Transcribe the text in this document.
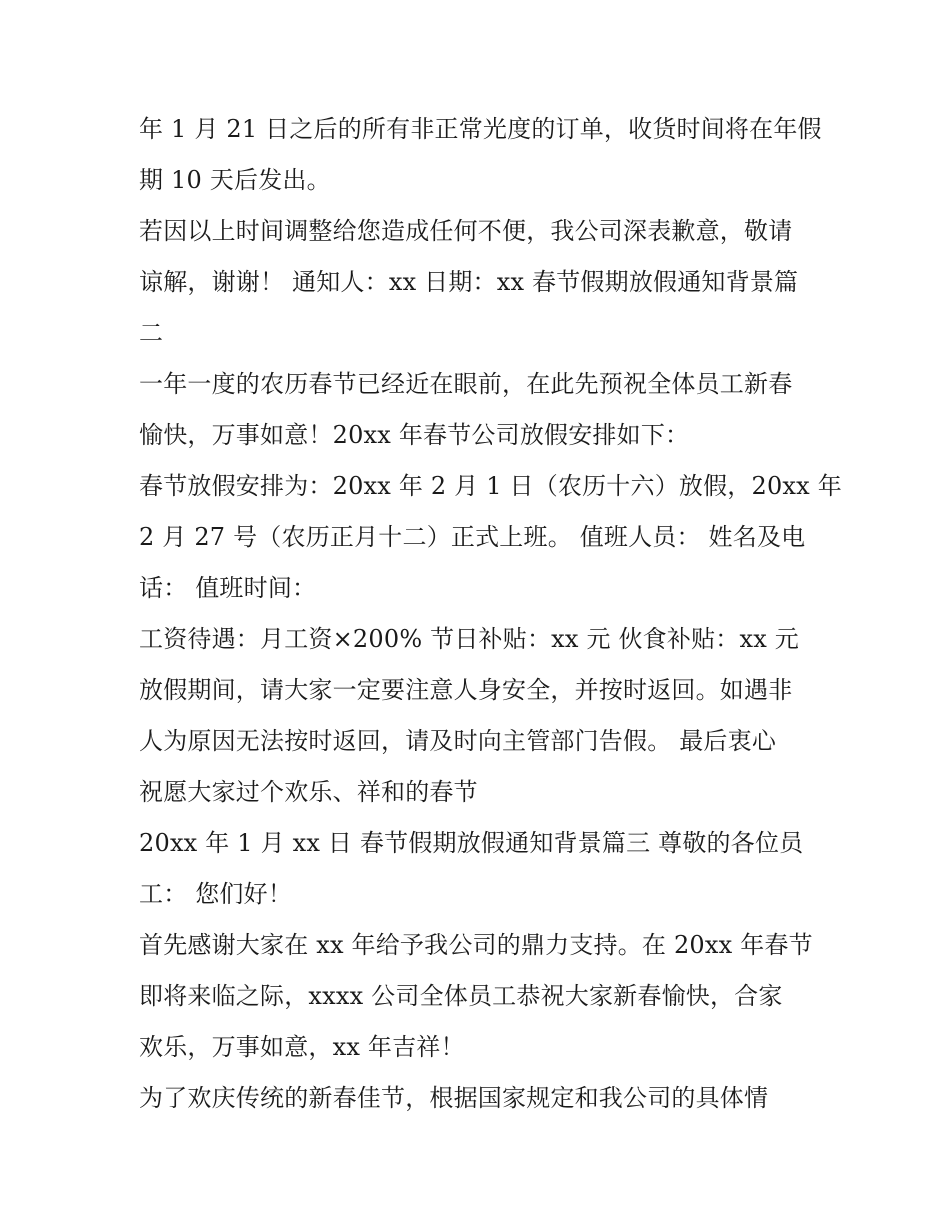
年 1 月 21 日之后的所有非正常光度的订单，收货时间将在年假
期 10 天后发出。
若因以上时间调整给您造成任何不便，我公司深表歉意，敬请
谅解，谢谢！ 通知人：xx 日期：xx 春节假期放假通知背景篇
二
一年一度的农历春节已经近在眼前，在此先预祝全体员工新春
愉快，万事如意！20xx 年春节公司放假安排如下：
春节放假安排为：20xx 年 2 月 1 日（农历十六）放假，20xx 年
2 月 27 号（农历正月十二）正式上班。 值班人员： 姓名及电
话： 值班时间：
工资待遇：月工资×200% 节日补贴：xx 元 伙食补贴：xx 元
放假期间，请大家一定要注意人身安全，并按时返回。如遇非
人为原因无法按时返回，请及时向主管部门告假。 最后衷心
祝愿大家过个欢乐、祥和的春节
20xx 年 1 月 xx 日 春节假期放假通知背景篇三 尊敬的各位员
工： 您们好！
首先感谢大家在 xx 年给予我公司的鼎力支持。在 20xx 年春节
即将来临之际，xxxx 公司全体员工恭祝大家新春愉快，合家
欢乐，万事如意，xx 年吉祥！
为了欢庆传统的新春佳节，根据国家规定和我公司的具体情
